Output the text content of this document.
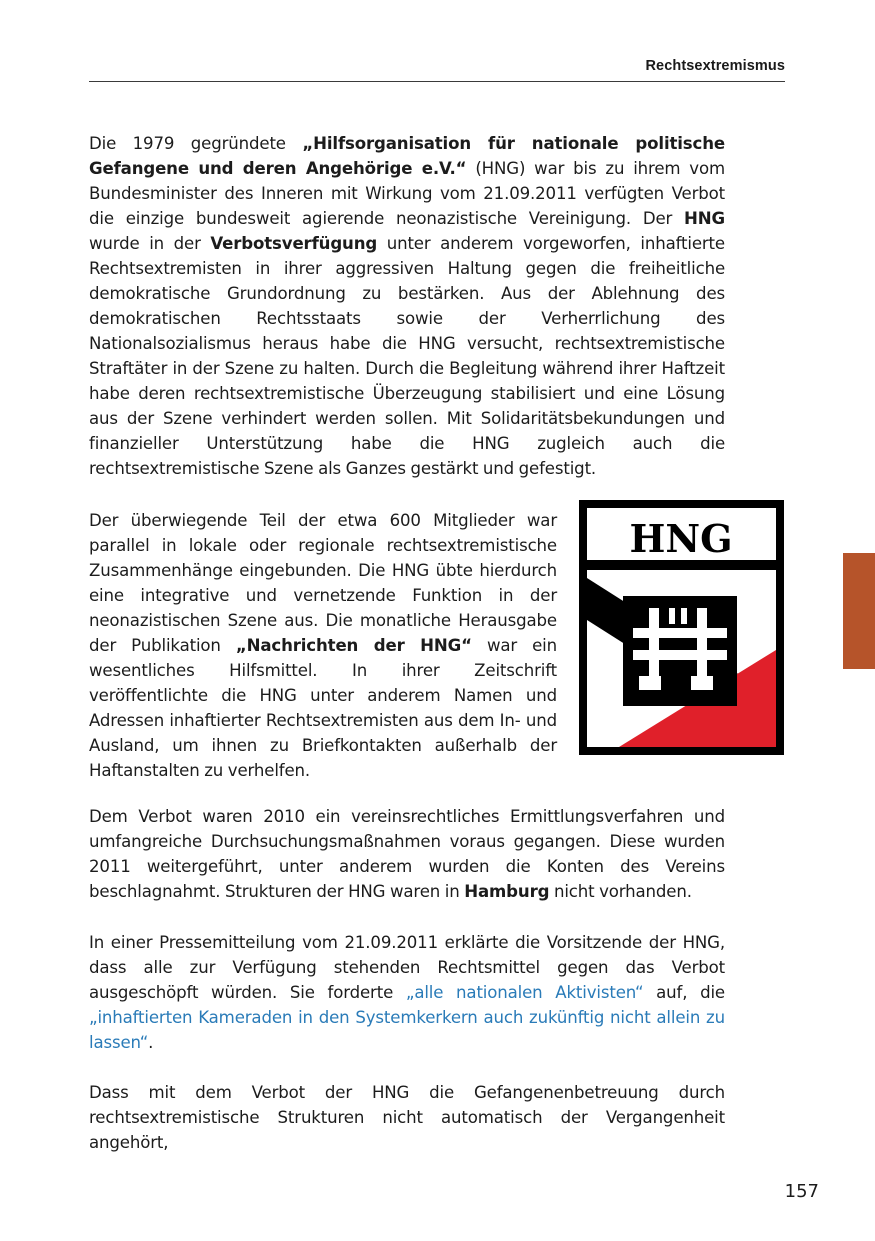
Rechtsextremismus

Die 1979 gegründete „Hilfsorganisation für nationale politische Gefangene und deren Angehörige e.V.“ (HNG) war bis zu ihrem vom Bundesminister des Inneren mit Wirkung vom 21.09.2011 verfügten Verbot die einzige bundesweit agierende neonazistische Vereinigung. Der HNG wurde in der Verbotsverfügung unter anderem vorgeworfen, inhaftierte Rechtsextremisten in ihrer aggressiven Haltung gegen die freiheitliche demokratische Grundordnung zu bestärken. Aus der Ablehnung des demokratischen Rechtsstaats sowie der Verherrlichung des Nationalsozialismus heraus habe die HNG versucht, rechtsextremistische Straftäter in der Szene zu halten. Durch die Begleitung während ihrer Haftzeit habe deren rechtsextremistische Überzeugung stabilisiert und eine Lösung aus der Szene verhindert werden sollen. Mit Solidaritätsbekundungen und finanzieller Unterstützung habe die HNG zugleich auch die rechtsextremistische Szene als Ganzes gestärkt und gefestigt.

Der überwiegende Teil der etwa 600 Mitglieder war parallel in lokale oder regionale rechtsextremistische Zusammenhänge eingebunden. Die HNG übte hierdurch eine integrative und vernetzende Funktion in der neonazistischen Szene aus. Die monatliche Herausgabe der Publikation „Nachrichten der HNG“ war ein wesentliches Hilfsmittel. In ihrer Zeitschrift veröffentlichte die HNG unter anderem Namen und Adressen inhaftierter Rechtsextremisten aus dem In- und Ausland, um ihnen zu Briefkontakten außerhalb der Haftanstalten zu verhelfen.

HNG

Dem Verbot waren 2010 ein vereinsrechtliches Ermittlungsverfahren und umfangreiche Durchsuchungsmaßnahmen voraus gegangen. Diese wurden 2011 weitergeführt, unter anderem wurden die Konten des Vereins beschlagnahmt. Strukturen der HNG waren in Hamburg nicht vorhanden.

In einer Pressemitteilung vom 21.09.2011 erklärte die Vorsitzende der HNG, dass alle zur Verfügung stehenden Rechtsmittel gegen das Verbot ausgeschöpft würden. Sie forderte „alle nationalen Aktivisten“ auf, die „inhaftierten Kameraden in den Systemkerkern auch zukünftig nicht allein zu lassen“.

Dass mit dem Verbot der HNG die Gefangenenbetreuung durch rechtsextremistische Strukturen nicht automatisch der Vergangenheit angehört,

157
